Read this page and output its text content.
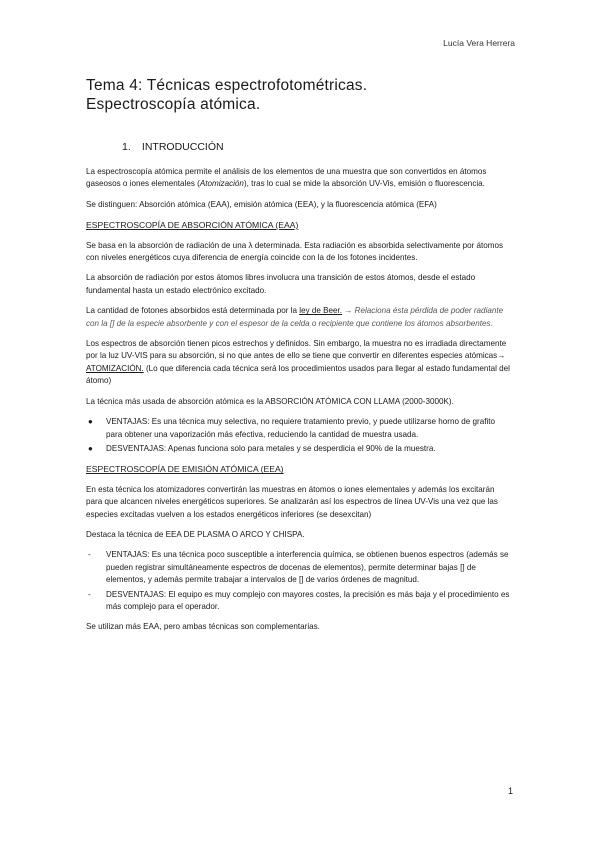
Lucía Vera Herrera
Tema 4: Técnicas espectrofotométricas.
Espectroscopía atómica.
1. INTRODUCCIÓN

La espectroscopía atómica permite el análisis de los elementos de una muestra que son convertidos en átomos gaseosos o iones elementales (Atomización), tras lo cual se mide la absorción UV-Vis, emisión o fluorescencia.

Se distinguen: Absorción atómica (EAA), emisión atómica (EEA), y la fluorescencia atómica (EFA)

ESPECTROSCOPÍA DE ABSORCIÓN ATÓMICA (EAA)

Se basa en la absorción de radiación de una λ determinada. Esta radiación es absorbida selectivamente por átomos con niveles energéticos cuya diferencia de energía coincide con la de los fotones incidentes.

La absorción de radiación por estos átomos libres involucra una transición de estos átomos, desde el estado fundamental hasta un estado electrónico excitado.

La cantidad de fotones absorbidos está determinada por la ley de Beer. → Relaciona ésta pérdida de poder radiante con la [] de la especie absorbente y con el espesor de la celda o recipiente que contiene los átomos absorbentes.

Los espectros de absorción tienen picos estrechos y definidos. Sin embargo, la muestra no es irradiada directamente por la luz UV-VIS para su absorción, si no que antes de ello se tiene que convertir en diferentes especies atómicas→ ATOMIZACIÓN. (Lo que diferencia cada técnica será los procedimientos usados para llegar al estado fundamental del átomo)

La técnica más usada de absorción atómica es la ABSORCIÓN ATÓMICA CON LLAMA (2000-3000K).

● VENTAJAS: Es una técnica muy selectiva, no requiere tratamiento previo, y puede utilizarse horno de grafito para obtener una vaporización más efectiva, reduciendo la cantidad de muestra usada.
● DESVENTAJAS: Apenas funciona solo para metales y se desperdicia el 90% de la muestra.
ESPECTROSCOPÍA DE EMISIÓN ATÓMICA (EEA)

En esta técnica los atomizadores convertirán las muestras en átomos o iones elementales y además los excitarán para que alcancen niveles energéticos superiores. Se analizarán así los espectros de línea UV-Vis una vez que las especies excitadas vuelven a los estados energéticos inferiores (se desexcitan)

Destaca la técnica de EEA DE PLASMA O ARCO Y CHISPA.

- VENTAJAS: Es una técnica poco susceptible a interferencia química, se obtienen buenos espectros (además se pueden registrar simultáneamente espectros de docenas de elementos), permite determinar bajas [] de elementos, y además permite trabajar a intervalos de [] de varios órdenes de magnitud.
- DESVENTAJAS: El equipo es muy complejo con mayores costes, la precisión es más baja y el procedimiento es más complejo para el operador.

Se utilizan más EAA, pero ambas técnicas son complementarias.

1
